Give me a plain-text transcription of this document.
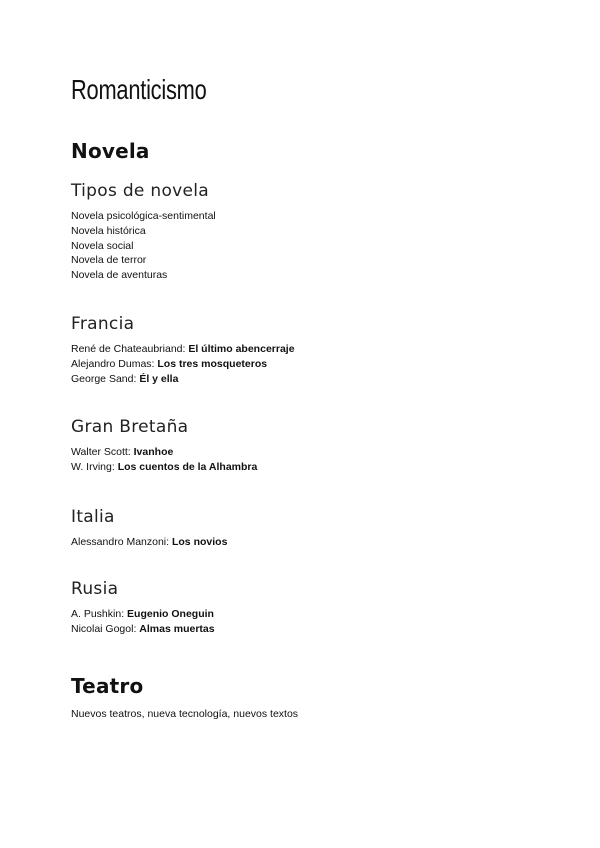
Romanticismo
Novela
Tipos de novela
Novela psicológica-sentimental
Novela histórica
Novela social
Novela de terror
Novela de aventuras
Francia
René de Chateaubriand: El último abencerraje
Alejandro Dumas: Los tres mosqueteros
George Sand: Él y ella
Gran Bretaña
Walter Scott: Ivanhoe
W. Irving: Los cuentos de la Alhambra
Italia
Alessandro Manzoni: Los novios
Rusia
A. Pushkin: Eugenio Oneguin
Nicolai Gogol: Almas muertas
Teatro

Nuevos teatros, nueva tecnología, nuevos textos
